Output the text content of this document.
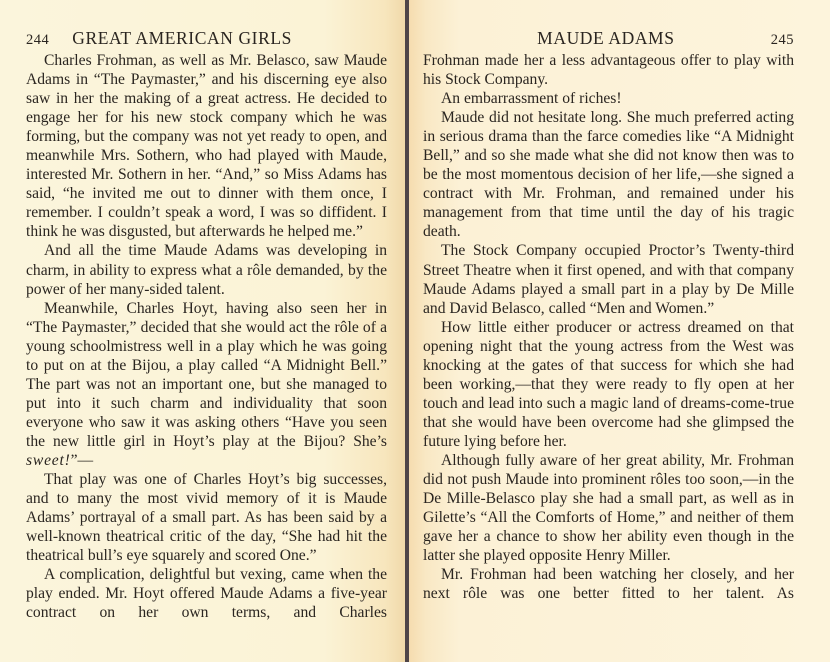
244 GREAT AMERICAN GIRLS

Charles Frohman, as well as Mr. Belasco, saw Maude Adams in “The Paymaster,” and his discerning eye also saw in her the making of a great actress. He decided to engage her for his new stock company which he was forming, but the company was not yet ready to open, and meanwhile Mrs. Sothern, who had played with Maude, interested Mr. Sothern in her. “And,” so Miss Adams has said, “he invited me out to dinner with them once, I remember. I couldn’t speak a word, I was so diffident. I think he was disgusted, but afterwards he helped me.”

And all the time Maude Adams was developing in charm, in ability to express what a rôle demanded, by the power of her many-sided talent.

Meanwhile, Charles Hoyt, having also seen her in “The Paymaster,” decided that she would act the rôle of a young schoolmistress well in a play which he was going to put on at the Bijou, a play called “A Midnight Bell.” The part was not an important one, but she managed to put into it such charm and individuality that soon everyone who saw it was asking others “Have you seen the new little girl in Hoyt’s play at the Bijou? She’s sweet!”—

That play was one of Charles Hoyt’s big successes, and to many the most vivid memory of it is Maude Adams’ portrayal of a small part. As has been said by a well-known theatrical critic of the day, “She had hit the theatrical bull’s eye squarely and scored One.”

A complication, delightful but vexing, came when the play ended. Mr. Hoyt offered Maude Adams a five-year contract on her own terms, and Charles

MAUDE ADAMS	245

Frohman made her a less advantageous offer to play with his Stock Company.

An embarrassment of riches!

Maude did not hesitate long. She much preferred acting in serious drama than the farce comedies like “A Midnight Bell,” and so she made what she did not know then was to be the most momentous decision of her life,—she signed a contract with Mr. Frohman, and remained under his management from that time until the day of his tragic death.

The Stock Company occupied Proctor’s Twenty-third Street Theatre when it first opened, and with that company Maude Adams played a small part in a play by De Mille and David Belasco, called “Men and Women.”

How little either producer or actress dreamed on that opening night that the young actress from the West was knocking at the gates of that success for which she had been working,—that they were ready to fly open at her touch and lead into such a magic land of dreams-come-true that she would have been overcome had she glimpsed the future lying before her.

Although fully aware of her great ability, Mr. Frohman did not push Maude into prominent rôles too soon,—in the De Mille-Belasco play she had a small part, as well as in Gilette’s “All the Comforts of Home,” and neither of them gave her a chance to show her ability even though in the latter she played opposite Henry Miller.

Mr. Frohman had been watching her closely, and her next rôle was one better fitted to her talent. As
